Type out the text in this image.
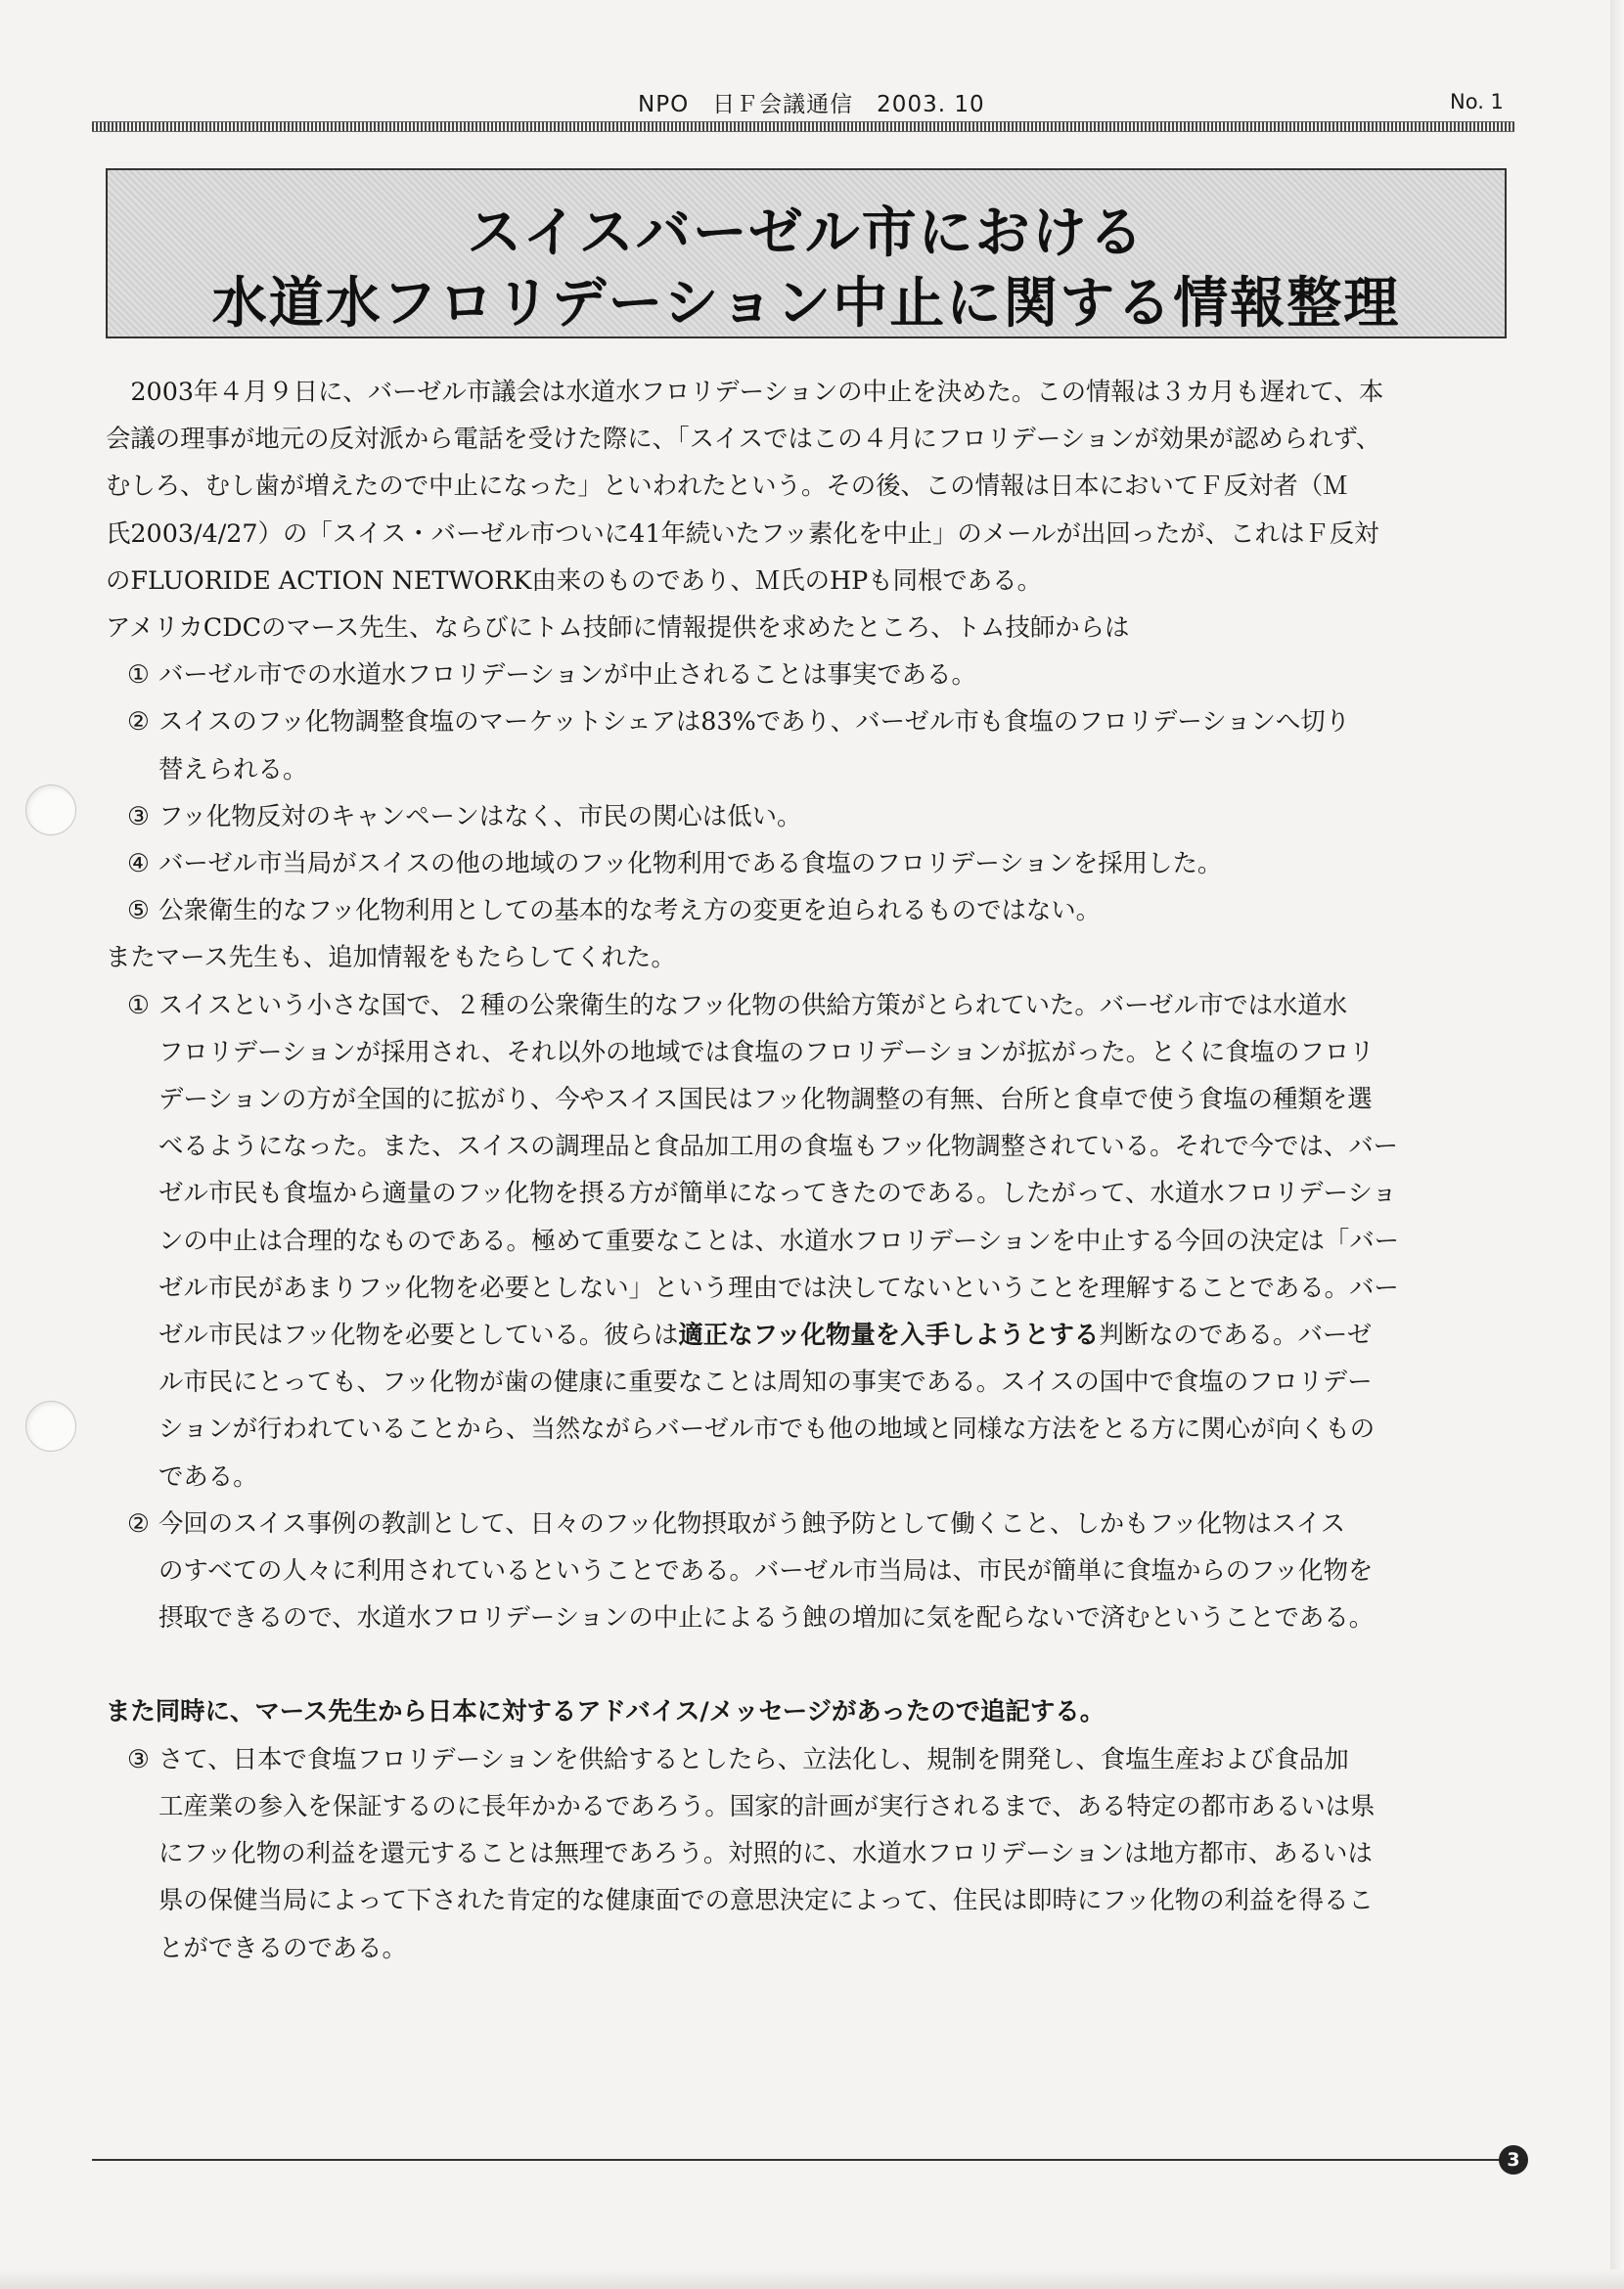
NPO　日Ｆ会議通信　2003. 10	No. 1
スイスバーゼル市における
水道水フロリデーション中止に関する情報整理
2003年４月９日に、バーゼル市議会は水道水フロリデーションの中止を決めた。この情報は３カ月も遅れて、本
会議の理事が地元の反対派から電話を受けた際に、「スイスではこの４月にフロリデーションが効果が認められず、
むしろ、むし歯が増えたので中止になった」といわれたという。その後、この情報は日本においてＦ反対者（Ｍ
氏2003/4/27）の「スイス・バーゼル市ついに41年続いたフッ素化を中止」のメールが出回ったが、これはＦ反対
のFLUORIDE ACTION NETWORK由来のものであり、Ｍ氏のHPも同根である。
アメリカCDCのマース先生、ならびにトム技師に情報提供を求めたところ、トム技師からは
① バーゼル市での水道水フロリデーションが中止されることは事実である。
② スイスのフッ化物調整食塩のマーケットシェアは83%であり、バーゼル市も食塩のフロリデーションへ切り
替えられる。
③ フッ化物反対のキャンペーンはなく、市民の関心は低い。
④ バーゼル市当局がスイスの他の地域のフッ化物利用である食塩のフロリデーションを採用した。
⑤ 公衆衛生的なフッ化物利用としての基本的な考え方の変更を迫られるものではない。
またマース先生も、追加情報をもたらしてくれた。
① スイスという小さな国で、２種の公衆衛生的なフッ化物の供給方策がとられていた。バーゼル市では水道水
フロリデーションが採用され、それ以外の地域では食塩のフロリデーションが拡がった。とくに食塩のフロリ
デーションの方が全国的に拡がり、今やスイス国民はフッ化物調整の有無、台所と食卓で使う食塩の種類を選
べるようになった。また、スイスの調理品と食品加工用の食塩もフッ化物調整されている。それで今では、バー
ゼル市民も食塩から適量のフッ化物を摂る方が簡単になってきたのである。したがって、水道水フロリデーショ
ンの中止は合理的なものである。極めて重要なことは、水道水フロリデーションを中止する今回の決定は「バー
ゼル市民があまりフッ化物を必要としない」という理由では決してないということを理解することである。バー
ゼル市民はフッ化物を必要としている。彼らは適正なフッ化物量を入手しようとする判断なのである。バーゼ
ル市民にとっても、フッ化物が歯の健康に重要なことは周知の事実である。スイスの国中で食塩のフロリデー
ションが行われていることから、当然ながらバーゼル市でも他の地域と同様な方法をとる方に関心が向くもの
である。
② 今回のスイス事例の教訓として、日々のフッ化物摂取がう蝕予防として働くこと、しかもフッ化物はスイス
のすべての人々に利用されているということである。バーゼル市当局は、市民が簡単に食塩からのフッ化物を
摂取できるので、水道水フロリデーションの中止によるう蝕の増加に気を配らないで済むということである。
また同時に、マース先生から日本に対するアドバイス/メッセージがあったので追記する。
③ さて、日本で食塩フロリデーションを供給するとしたら、立法化し、規制を開発し、食塩生産および食品加
工産業の参入を保証するのに長年かかるであろう。国家的計画が実行されるまで、ある特定の都市あるいは県
にフッ化物の利益を還元することは無理であろう。対照的に、水道水フロリデーションは地方都市、あるいは
県の保健当局によって下された肯定的な健康面での意思決定によって、住民は即時にフッ化物の利益を得るこ
とができるのである。
3
